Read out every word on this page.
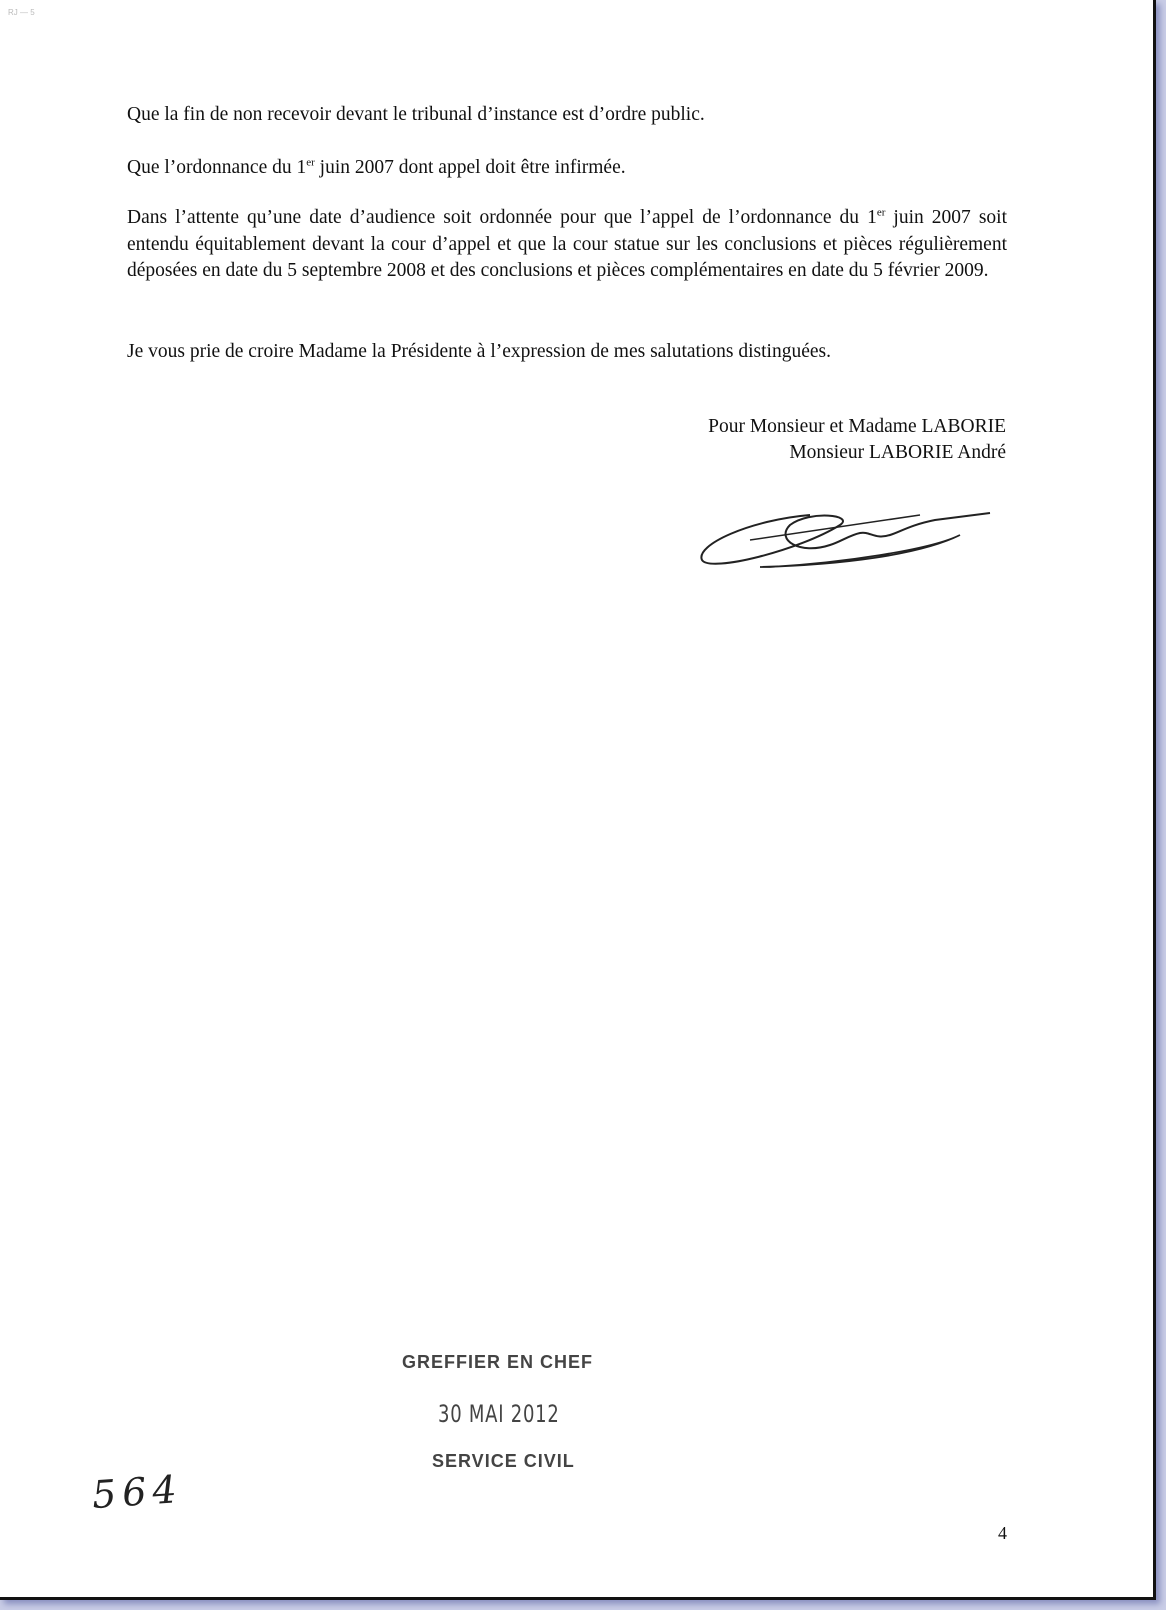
RJ — 5
Que la fin de non recevoir devant le tribunal d’instance est d’ordre public.
Que l’ordonnance du 1er juin 2007 dont appel doit être infirmée.
Dans l’attente qu’une date d’audience soit ordonnée pour que l’appel de l’ordonnance du 1er juin 2007 soit entendu équitablement devant la cour d’appel et que la cour statue sur les conclusions et pièces régulièrement déposées en date du 5 septembre 2008 et des conclusions et pièces complémentaires en date du 5 février 2009.
Je vous prie de croire Madame la Présidente à l’expression de mes salutations distinguées.
Pour Monsieur et Madame LABORIE
Monsieur LABORIE André
GREFFIER EN CHEF
30 MAI 2012
SERVICE CIVIL
564
4
